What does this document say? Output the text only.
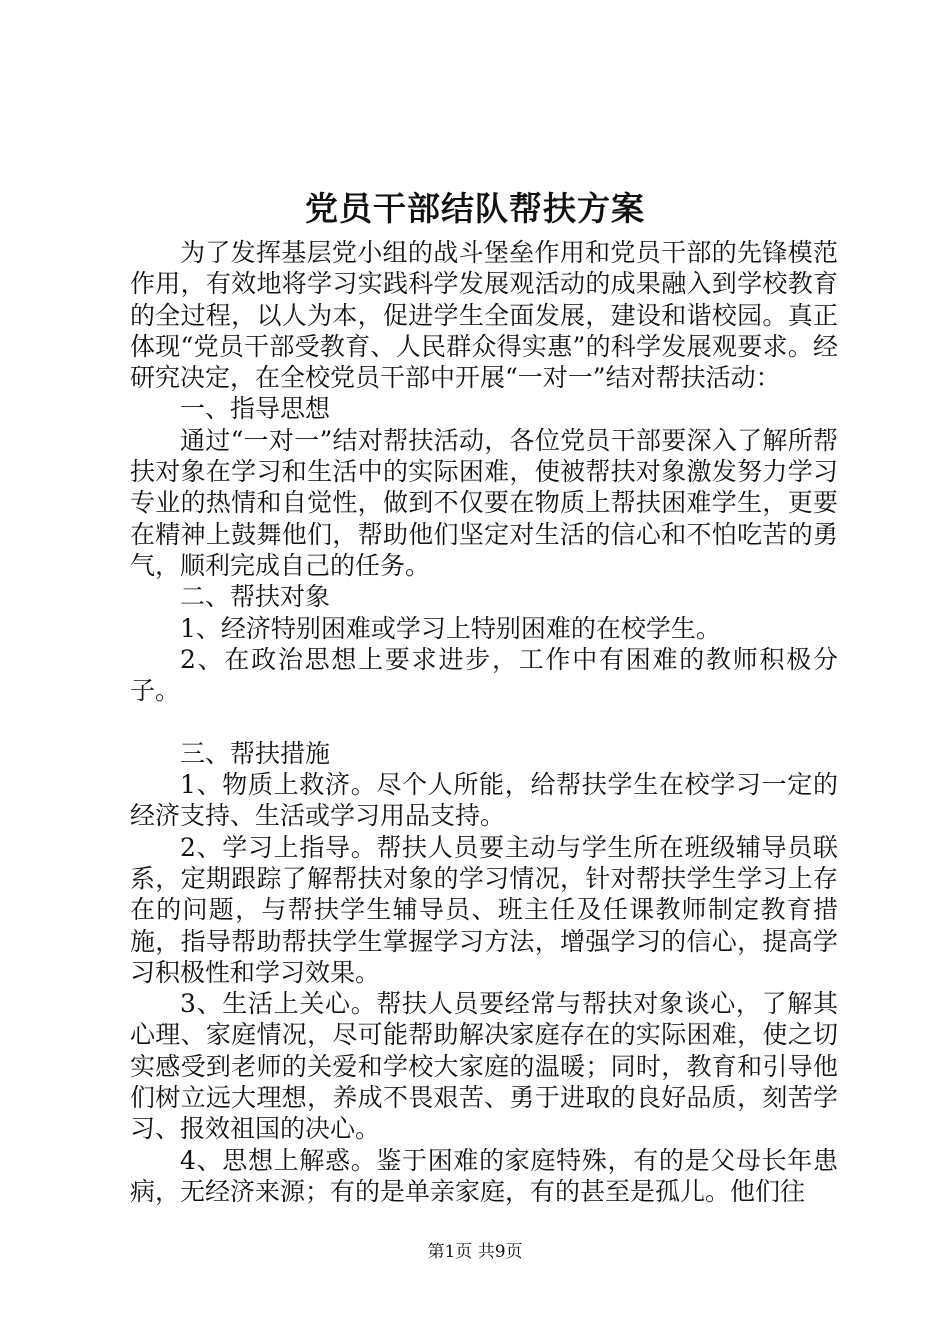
党员干部结队帮扶方案

为了发挥基层党小组的战斗堡垒作用和党员干部的先锋模范作用，有效地将学习实践科学发展观活动的成果融入到学校教育的全过程，以人为本，促进学生全面发展，建设和谐校园。真正体现“党员干部受教育、人民群众得实惠”的科学发展观要求。经研究决定，在全校党员干部中开展“一对一”结对帮扶活动：

一、指导思想

通过“一对一”结对帮扶活动，各位党员干部要深入了解所帮扶对象在学习和生活中的实际困难，使被帮扶对象激发努力学习专业的热情和自觉性，做到不仅要在物质上帮扶困难学生，更要在精神上鼓舞他们，帮助他们坚定对生活的信心和不怕吃苦的勇气，顺利完成自己的任务。

二、帮扶对象

1、经济特别困难或学习上特别困难的在校学生。

2、在政治思想上要求进步，工作中有困难的教师积极分子。

三、帮扶措施

1、物质上救济。尽个人所能，给帮扶学生在校学习一定的经济支持、生活或学习用品支持。

2、学习上指导。帮扶人员要主动与学生所在班级辅导员联系，定期跟踪了解帮扶对象的学习情况，针对帮扶学生学习上存在的问题，与帮扶学生辅导员、班主任及任课教师制定教育措施，指导帮助帮扶学生掌握学习方法，增强学习的信心，提高学习积极性和学习效果。

3、生活上关心。帮扶人员要经常与帮扶对象谈心，了解其心理、家庭情况，尽可能帮助解决家庭存在的实际困难，使之切实感受到老师的关爱和学校大家庭的温暖；同时，教育和引导他们树立远大理想，养成不畏艰苦、勇于进取的良好品质，刻苦学习、报效祖国的决心。

4、思想上解惑。鉴于困难的家庭特殊，有的是父母长年患病，无经济来源；有的是单亲家庭，有的甚至是孤儿。他们往

第1页 共9页
